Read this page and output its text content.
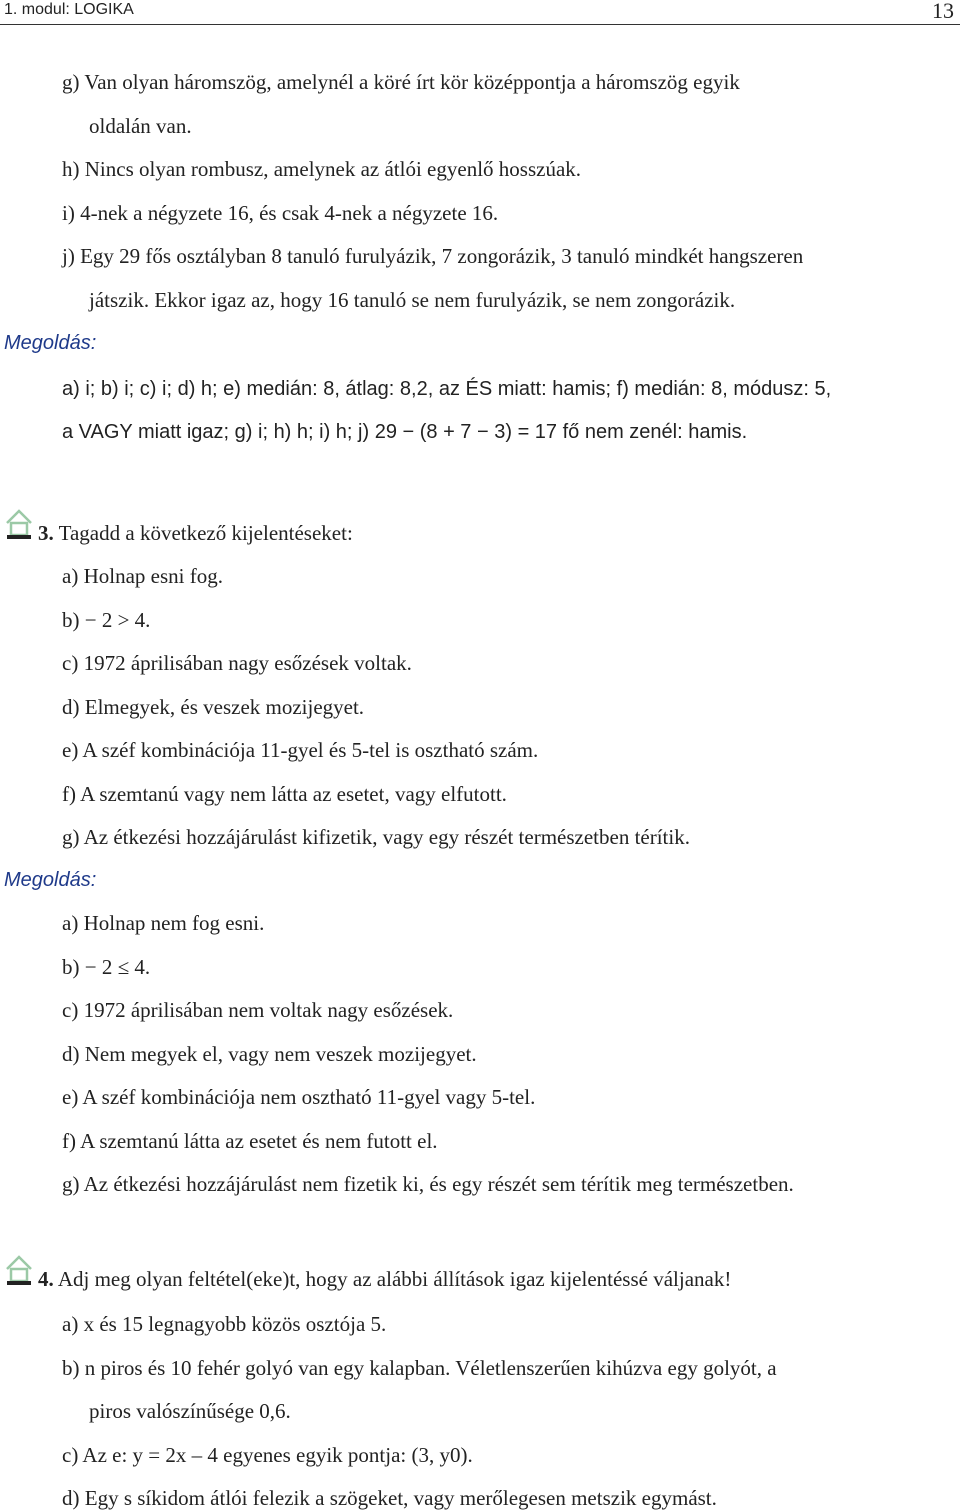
1. modul: LOGIKA	13
g) Van olyan háromszög, amelynél a köré írt kör középpontja a háromszög egyik
oldalán van.
h) Nincs olyan rombusz, amelynek az átlói egyenlő hosszúak.
i) 4-nek a négyzete 16, és csak 4-nek a négyzete 16.
j) Egy 29 fős osztályban 8 tanuló furulyázik, 7 zongorázik, 3 tanuló mindkét hangszeren
játszik. Ekkor igaz az, hogy 16 tanuló se nem furulyázik, se nem zongorázik.
Megoldás:
a) i; b) i; c) i; d) h; e) medián: 8, átlag: 8,2, az ÉS miatt: hamis; f) medián: 8, módusz: 5,
a VAGY miatt igaz; g) i; h) h; i) h; j) 29 − (8 + 7 − 3) = 17 fő nem zenél: hamis.
3. Tagadd a következő kijelentéseket:
a) Holnap esni fog.
b) − 2 > 4.
c) 1972 áprilisában nagy esőzések voltak.
d) Elmegyek, és veszek mozijegyet.
e) A széf kombinációja 11-gyel és 5-tel is osztható szám.
f) A szemtanú vagy nem látta az esetet, vagy elfutott.
g) Az étkezési hozzájárulást kifizetik, vagy egy részét természetben térítik.
Megoldás:
a) Holnap nem fog esni.
b) − 2 ≤ 4.
c) 1972 áprilisában nem voltak nagy esőzések.
d) Nem megyek el, vagy nem veszek mozijegyet.
e) A széf kombinációja nem osztható 11-gyel vagy 5-tel.
f) A szemtanú látta az esetet és nem futott el.
g) Az étkezési hozzájárulást nem fizetik ki, és egy részét sem térítik meg természetben.
4. Adj meg olyan feltétel(eke)t, hogy az alábbi állítások igaz kijelentéssé váljanak!
a) x és 15 legnagyobb közös osztója 5.
b) n piros és 10 fehér golyó van egy kalapban. Véletlenszerűen kihúzva egy golyót, a
piros valószínűsége 0,6.
c) Az e: y = 2x – 4 egyenes egyik pontja: (3, y0).
d) Egy s síkidom átlói felezik a szögeket, vagy merőlegesen metszik egymást.
